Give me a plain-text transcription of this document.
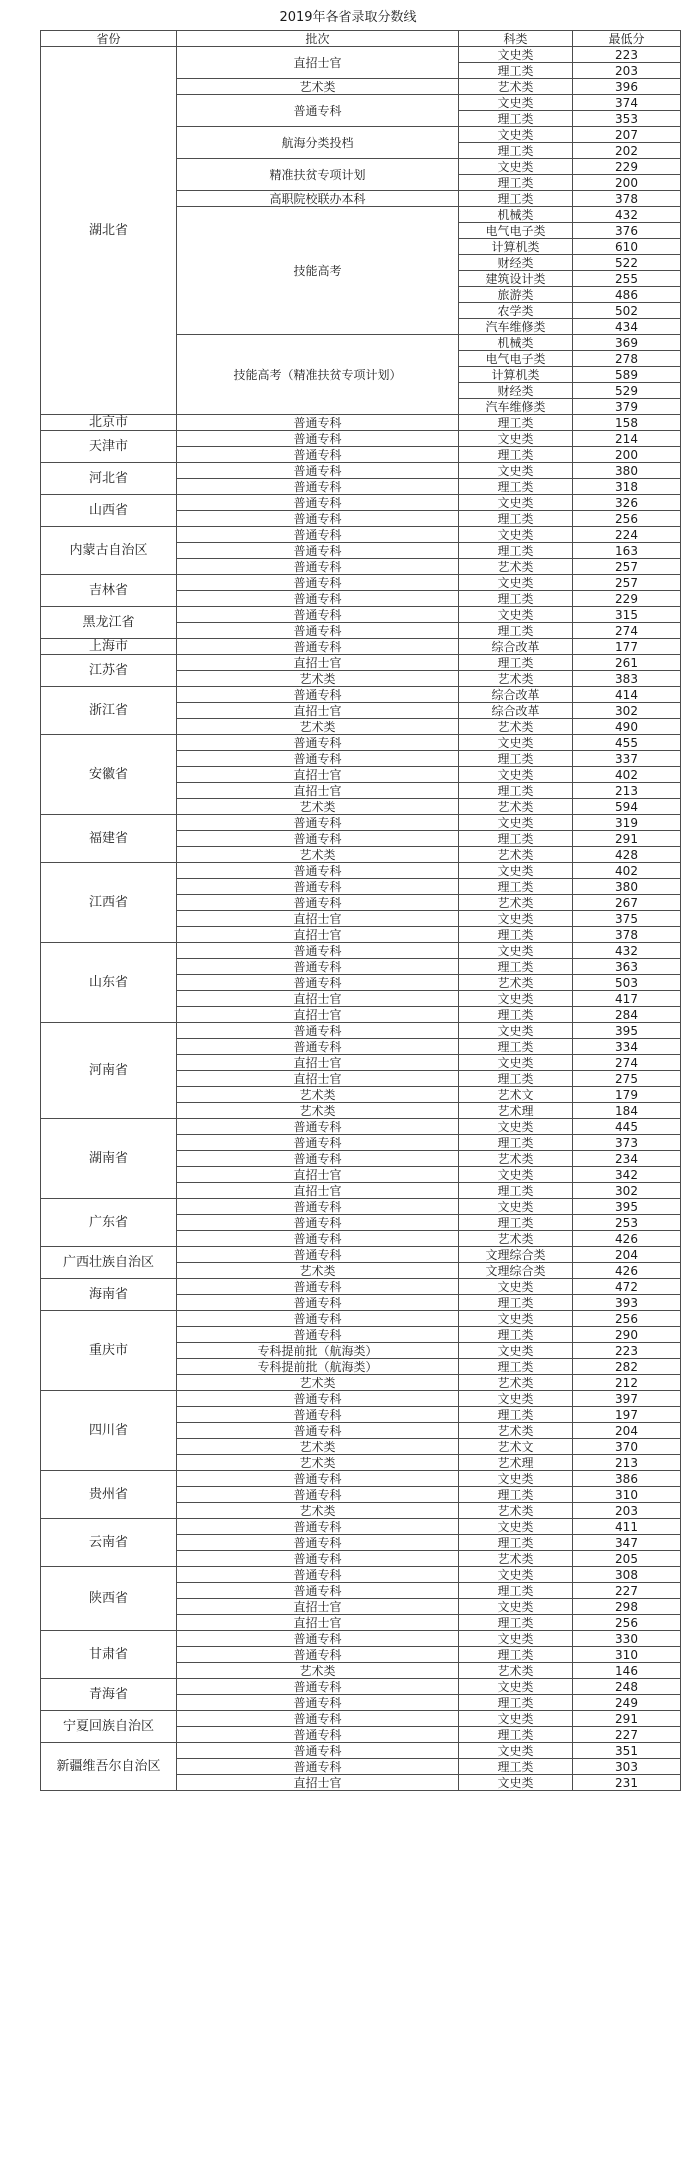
2019年各省录取分数线
省份	批次	科类	最低分
湖北省	直招士官	文史类	223
		理工类	203
	艺术类	艺术类	396
	普通专科	文史类	374
		理工类	353
	航海分类投档	文史类	207
		理工类	202
	精准扶贫专项计划	文史类	229
		理工类	200
	高职院校联办本科	理工类	378
	技能高考	机械类	432
		电气电子类	376
		计算机类	610
		财经类	522
		建筑设计类	255
		旅游类	486
		农学类	502
		汽车维修类	434
	技能高考（精准扶贫专项计划）	机械类	369
		电气电子类	278
		计算机类	589
		财经类	529
		汽车维修类	379
北京市	普通专科	理工类	158
天津市	普通专科	文史类	214
	普通专科	理工类	200
河北省	普通专科	文史类	380
	普通专科	理工类	318
山西省	普通专科	文史类	326
	普通专科	理工类	256
内蒙古自治区	普通专科	文史类	224
	普通专科	理工类	163
	普通专科	艺术类	257
吉林省	普通专科	文史类	257
	普通专科	理工类	229
黑龙江省	普通专科	文史类	315
	普通专科	理工类	274
上海市	普通专科	综合改革	177
江苏省	直招士官	理工类	261
	艺术类	艺术类	383
浙江省	普通专科	综合改革	414
	直招士官	综合改革	302
	艺术类	艺术类	490
安徽省	普通专科	文史类	455
	普通专科	理工类	337
	直招士官	文史类	402
	直招士官	理工类	213
	艺术类	艺术类	594
福建省	普通专科	文史类	319
	普通专科	理工类	291
	艺术类	艺术类	428
江西省	普通专科	文史类	402
	普通专科	理工类	380
	普通专科	艺术类	267
	直招士官	文史类	375
	直招士官	理工类	378
山东省	普通专科	文史类	432
	普通专科	理工类	363
	普通专科	艺术类	503
	直招士官	文史类	417
	直招士官	理工类	284
河南省	普通专科	文史类	395
	普通专科	理工类	334
	直招士官	文史类	274
	直招士官	理工类	275
	艺术类	艺术文	179
	艺术类	艺术理	184
湖南省	普通专科	文史类	445
	普通专科	理工类	373
	普通专科	艺术类	234
	直招士官	文史类	342
	直招士官	理工类	302
广东省	普通专科	文史类	395
	普通专科	理工类	253
	普通专科	艺术类	426
广西壮族自治区	普通专科	文理综合类	204
	艺术类	文理综合类	426
海南省	普通专科	文史类	472
	普通专科	理工类	393
重庆市	普通专科	文史类	256
	普通专科	理工类	290
	专科提前批（航海类）	文史类	223
	专科提前批（航海类）	理工类	282
	艺术类	艺术类	212
四川省	普通专科	文史类	397
	普通专科	理工类	197
	普通专科	艺术类	204
	艺术类	艺术文	370
	艺术类	艺术理	213
贵州省	普通专科	文史类	386
	普通专科	理工类	310
	艺术类	艺术类	203
云南省	普通专科	文史类	411
	普通专科	理工类	347
	普通专科	艺术类	205
陕西省	普通专科	文史类	308
	普通专科	理工类	227
	直招士官	文史类	298
	直招士官	理工类	256
甘肃省	普通专科	文史类	330
	普通专科	理工类	310
	艺术类	艺术类	146
青海省	普通专科	文史类	248
	普通专科	理工类	249
宁夏回族自治区	普通专科	文史类	291
	普通专科	理工类	227
新疆维吾尔自治区	普通专科	文史类	351
	普通专科	理工类	303
	直招士官	文史类	231
